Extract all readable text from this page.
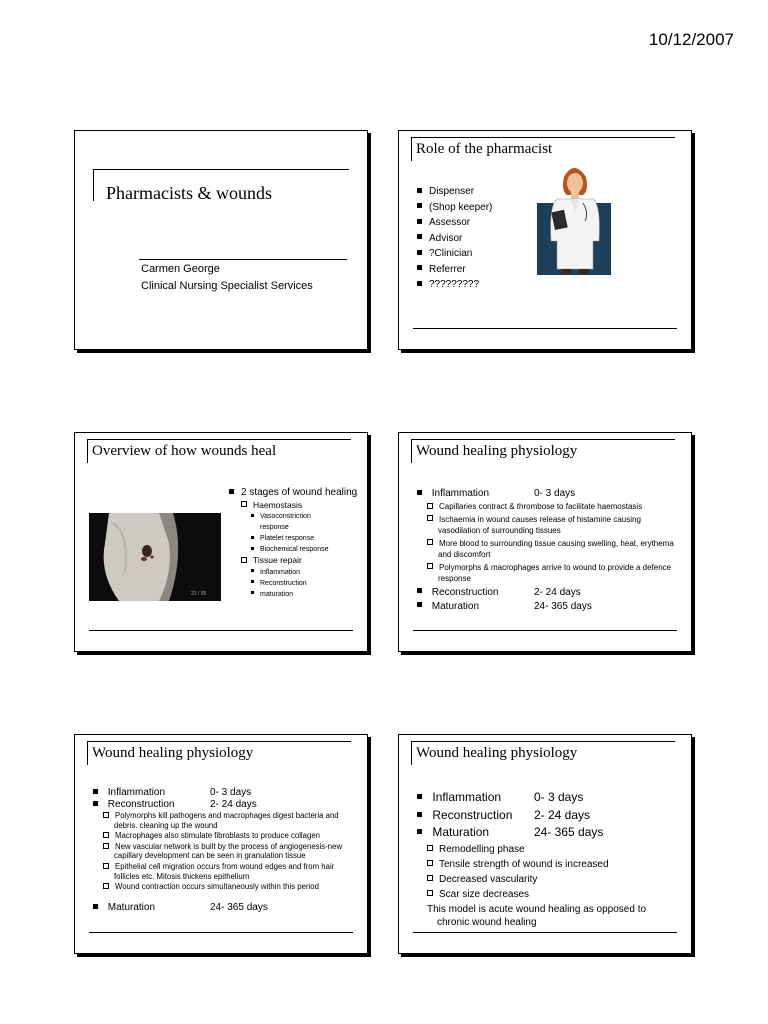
10/12/2007
Pharmacists & wounds
Carmen George
Clinical Nursing Specialist Services
Role of the pharmacist
Dispenser
(Shop keeper)
Assessor
Advisor
?Clinician
Referrer
?????????
Overview of how wounds heal
21 / 05
2 stages of wound healing
Haemostasis
Vasoconstriction response
Platelet response
Biochemical response
Tissue repair
Inflammation
Reconstruction
maturation
Wound healing physiology
Inflammation	0- 3 days
Capillaries contract & thrombose to facilitate haemostasis
Ischaemia in wound causes release of histamine causing vasodilation of surrounding tissues
More blood to surrounding tissue causing swelling, heat, erythema and discomfort
Polymorphs & macrophages arrive to wound to provide a defence response
Reconstruction	2- 24 days
Maturation	24- 365 days
Wound healing physiology
Inflammation	0- 3 days
Reconstruction	2- 24 days
Polymorphs kill pathogens and macrophages digest bacteria and debris. cleaning up the wound
Macrophages also stimulate fibroblasts to produce collagen
New vascular network is built by the process of angiogenesis-new capillary development can be seen in granulation tissue
Epithelial cell migration occurs from wound edges and from hair follicles etc. Mitosis thickens epithelium
Wound contraction occurs simultaneously within this period
Maturation	24- 365 days
Wound healing physiology
Inflammation	0- 3 days
Reconstruction 2- 24 days
Maturation	24- 365 days
Remodelling phase
Tensile strength of wound is increased
Decreased vascularity
Scar size decreases
This model is acute wound healing as opposed to
chronic wound healing
